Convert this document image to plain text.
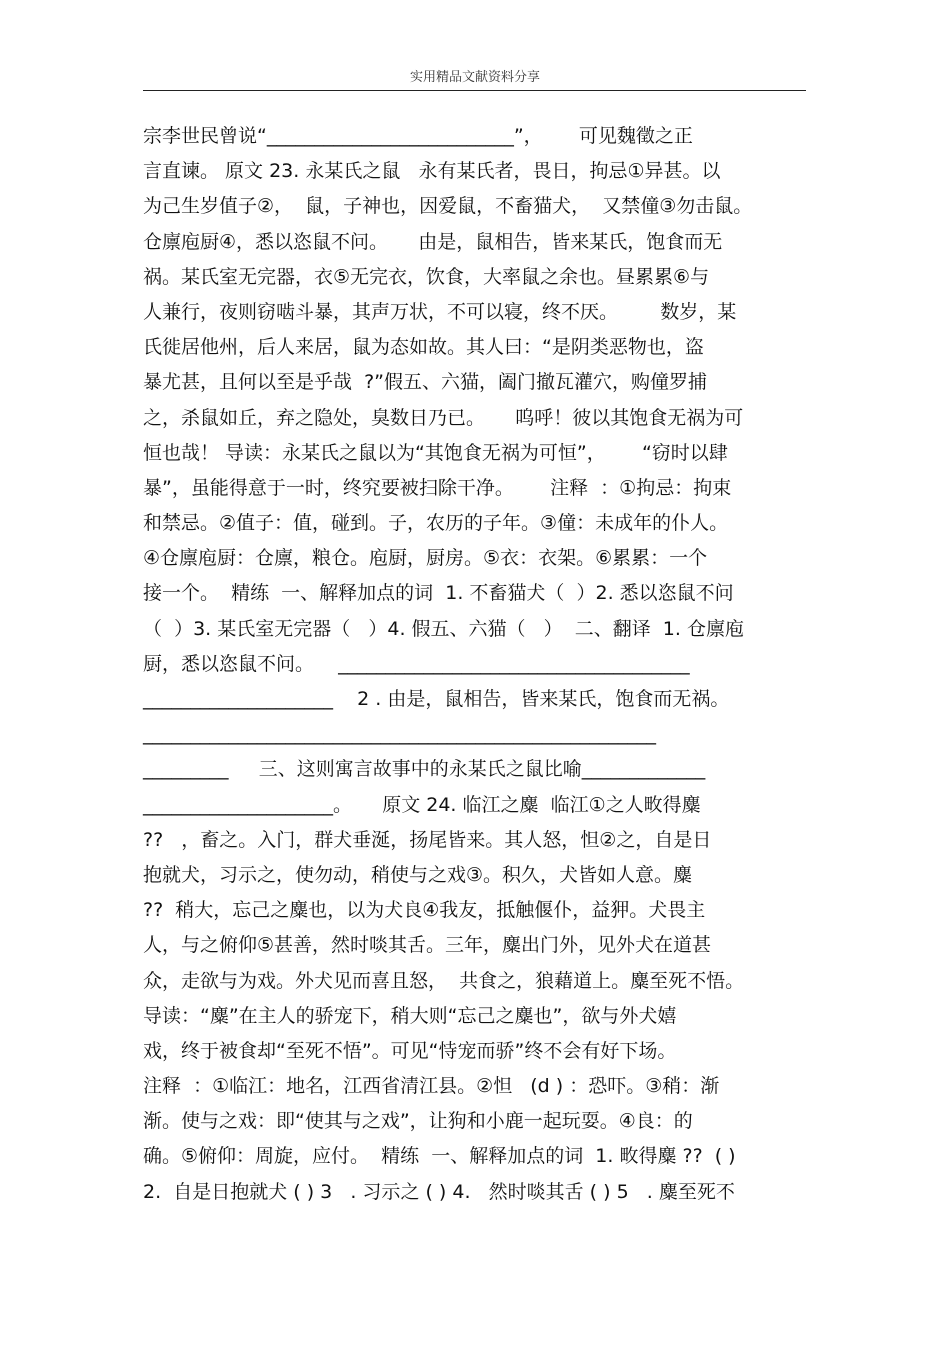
实用精品文献资料分享
宗李世民曾说“__________________________”，      可见魏徵之正
言直谏。 原文 23. 永某氏之鼠   永有某氏者，畏日，拘忌①异甚。以
为己生岁值子②，  鼠，子神也，因爱鼠，不畜猫犬，  又禁僮③勿击鼠。
仓廪庖厨④，悉以恣鼠不问。     由是，鼠相告，皆来某氏，饱食而无
祸。某氏室无完器，衣⑤无完衣，饮食，大率鼠之余也。昼累累⑥与
人兼行，夜则窃啮斗暴，其声万状，不可以寝，终不厌。       数岁，某
氏徙居他州，后人来居，鼠为态如故。其人曰：“是阴类恶物也，盗
暴尤甚，且何以至是乎哉  ?”假五、六猫，阖门撤瓦灌穴，购僮罗捕
之，杀鼠如丘，弃之隐处，臭数日乃已。     呜呼！彼以其饱食无祸为可
恒也哉！ 导读：永某氏之鼠以为“其饱食无祸为可恒”，      “窃时以肆
暴”，虽能得意于一时，终究要被扫除干净。      注释  ：①拘忌：拘束
和禁忌。②值子：值，碰到。子，农历的子年。③僮：未成年的仆人。
④仓廪庖厨：仓廪，粮仓。庖厨，厨房。⑤衣：衣架。⑥累累：一个
接一个。  精练  一、解释加点的词  1. 不畜猫犬（  ）2. 悉以恣鼠不问
（  ）3. 某氏室无完器（   ）4. 假五、六猫（   ）  二、翻译  1. 仓廪庖
厨，悉以恣鼠不问。    _____________________________________
____________________    2 . 由是，鼠相告，皆来某氏，饱食而无祸。
______________________________________________________
_________     三、这则寓言故事中的永某氏之鼠比喻_____________
____________________。     原文 24. 临江之麋  临江①之人畋得麋
??   ，畜之。入门，群犬垂涎，扬尾皆来。其人怒，怛②之，自是日
抱就犬，习示之，使勿动，稍使与之戏③。积久，犬皆如人意。麋
??  稍大，忘己之麋也，以为犬良④我友，抵触偃仆，益狎。犬畏主
人，与之俯仰⑤甚善，然时啖其舌。三年，麋出门外，见外犬在道甚
众，走欲与为戏。外犬见而喜且怒，  共食之，狼藉道上。麋至死不悟。
导读：“麋”在主人的骄宠下，稍大则“忘己之麋也”，欲与外犬嬉
戏，终于被食却“至死不悟”。可见“恃宠而骄”终不会有好下场。
注释  ：①临江：地名，江西省清江县。②怛   (d ) ：恐吓。③稍：渐
渐。使与之戏：即“使其与之戏”，让狗和小鹿一起玩耍。④良：的
确。⑤俯仰：周旋，应付。  精练  一、解释加点的词  1. 畋得麋 ??  ( )
2.  自是日抱就犬 ( ) 3   . 习示之 ( ) 4.   然时啖其舌 ( ) 5   . 麋至死不
